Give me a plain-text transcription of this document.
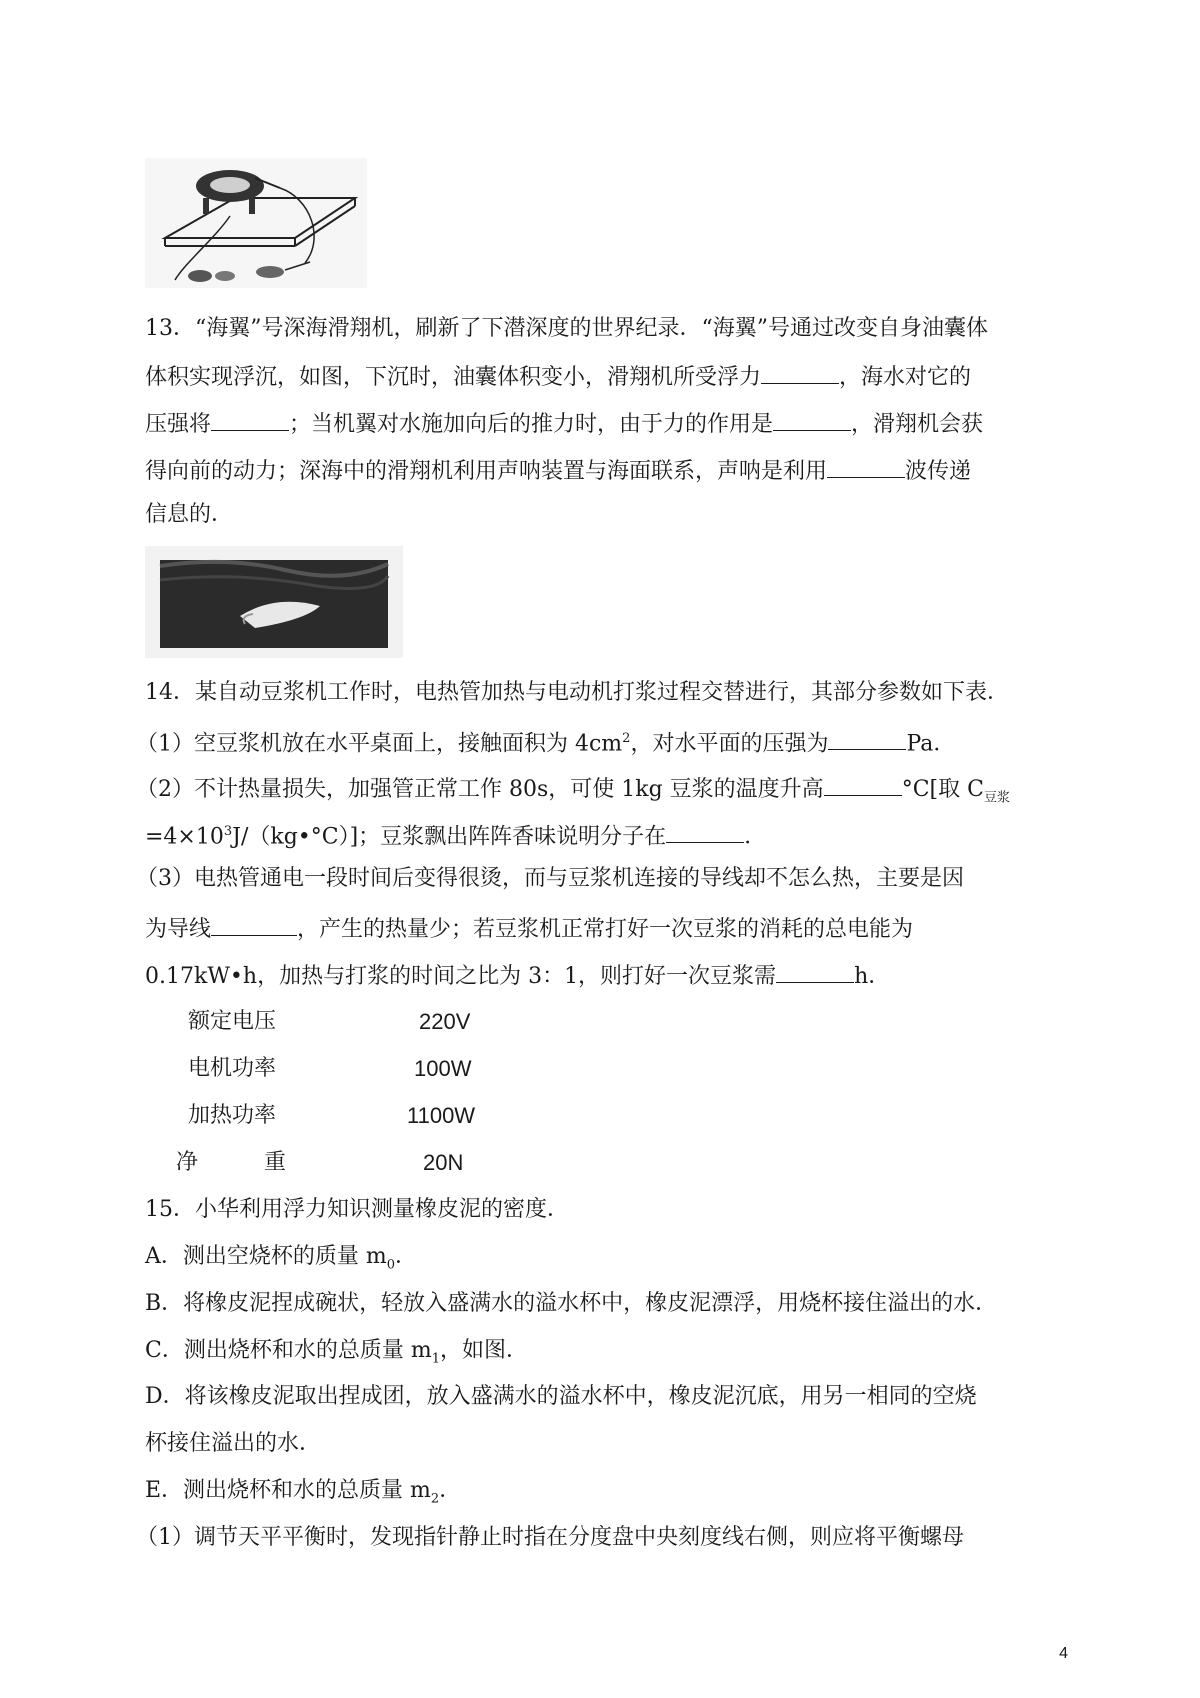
13．“海翼”号深海滑翔机，刷新了下潜深度的世界纪录．“海翼”号通过改变自身油囊体
体积实现浮沉，如图，下沉时，油囊体积变小，滑翔机所受浮力	，海水对它的
压强将	；当机翼对水施加向后的推力时，由于力的作用是	，滑翔机会获
得向前的动力；深海中的滑翔机利用声呐装置与海面联系，声呐是利用	波传递
信息的．
14．某自动豆浆机工作时，电热管加热与电动机打浆过程交替进行，其部分参数如下表．
（1）空豆浆机放在水平桌面上，接触面积为 $4cm^2$，对水平面的压强为	Pa．
（2）不计热量损失，加强管正常工作 80s，可使 1kg 豆浆的温度升高	°C[取 $C_{豆浆}$
$=4\times 10^3J/(kg•^\circ C)$]；豆浆飘出阵阵香味说明分子在	．
（3）电热管通电一段时间后变得很烫，而与豆浆机连接的导线却不怎么热，主要是因
为导线	，产生的热量少；若豆浆机正常打好一次豆浆的消耗的总电能为
0.17kW•h，加热与打浆的时间之比为 3：1，则打好一次豆浆需	h．
额定电压	220V
电机功率	100W
加热功率	1100W
净　　　重	20N
15．小华利用浮力知识测量橡皮泥的密度．
A．测出空烧杯的质量 $m_0$．
B．将橡皮泥捏成碗状，轻放入盛满水的溢水杯中，橡皮泥漂浮，用烧杯接住溢出的水．
C．测出烧杯和水的总质量 $m_1$，如图．
D．将该橡皮泥取出捏成团，放入盛满水的溢水杯中，橡皮泥沉底，用另一相同的空烧
杯接住溢出的水．
E．测出烧杯和水的总质量 $m_2$．
（1）调节天平平衡时，发现指针静止时指在分度盘中央刻度线右侧，则应将平衡螺母
4
